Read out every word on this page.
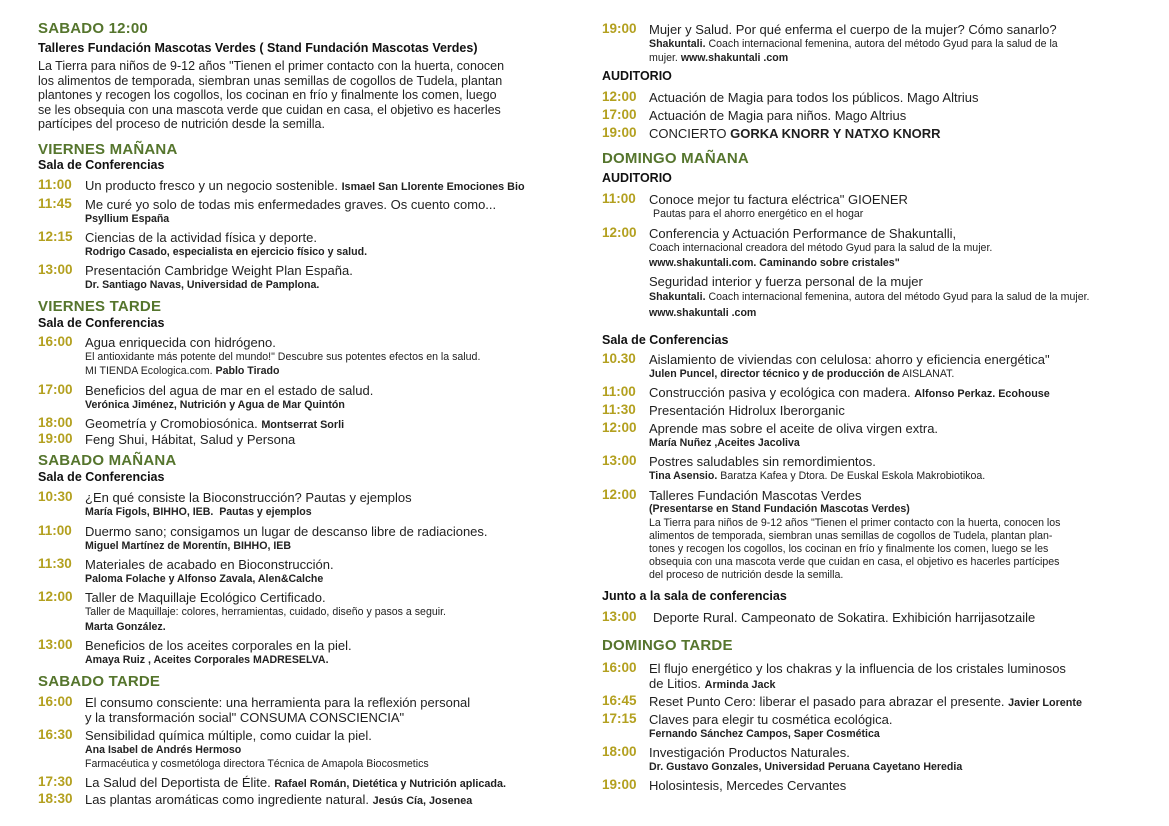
SABADO 12:00
Talleres Fundación Mascotas Verdes ( Stand Fundación Mascotas Verdes)
La Tierra para niños de 9-12 años "Tienen el primer contacto con la huerta, conocen
los alimentos de temporada, siembran unas semillas de cogollos de Tudela, plantan
plantones y recogen los cogollos, los cocinan en frío y finalmente los comen, luego
se les obsequia con una mascota verde que cuidan en casa, el objetivo es hacerles
partícipes del proceso de nutrición desde la semilla.
VIERNES MAÑANA
Sala de Conferencias
11:00 Un producto fresco y un negocio sostenible. Ismael San Llorente Emociones Bio
11:45 Me curé yo solo de todas mis enfermedades graves. Os cuento como...
Psyllium España
12:15 Ciencias de la actividad física y deporte.
Rodrigo Casado, especialista en ejercicio físico y salud.
13:00 Presentación Cambridge Weight Plan España.
Dr. Santiago Navas, Universidad de Pamplona.
VIERNES TARDE
Sala de Conferencias
16:00 Agua enriquecida con hidrógeno.
El antioxidante más potente del mundo!" Descubre sus potentes efectos en la salud.
MI TIENDA Ecologica.com. Pablo Tirado
17:00 Beneficios del agua de mar en el estado de salud.
Verónica Jiménez, Nutrición y Agua de Mar Quintón
18:00 Geometría y Cromobiosónica. Montserrat Sorli
19:00 Feng Shui, Hábitat, Salud y Persona
SABADO MAÑANA
Sala de Conferencias
10:30 ¿En qué consiste la Bioconstrucción? Pautas y ejemplos
María Figols, BIHHO, IEB. Pautas y ejemplos
11:00 Duermo sano; consigamos un lugar de descanso libre de radiaciones.
Miguel Martínez de Morentín, BIHHO, IEB
11:30 Materiales de acabado en Bioconstrucción.
Paloma Folache y Alfonso Zavala, Alen&Calche
12:00 Taller de Maquillaje Ecológico Certificado.
Taller de Maquillaje: colores, herramientas, cuidado, diseño y pasos a seguir.
Marta González.
13:00 Beneficios de los aceites corporales en la piel.
Amaya Ruiz , Aceites Corporales MADRESELVA.
SABADO TARDE
16:00 El consumo consciente: una herramienta para la reflexión personal
y la transformación social" CONSUMA CONSCIENCIA"
16:30 Sensibilidad química múltiple, como cuidar la piel.
Ana Isabel de Andrés Hermoso
Farmacéutica y cosmetóloga directora Técnica de Amapola Biocosmetics
17:30 La Salud del Deportista de Élite. Rafael Román, Dietética y Nutrición aplicada.
18:30 Las plantas aromáticas como ingrediente natural. Jesús Cía, Josenea
19:00 Mujer y Salud. Por qué enferma el cuerpo de la mujer? Cómo sanarlo?
Shakuntali. Coach internacional femenina, autora del método Gyud para la salud de la
mujer. www.shakuntali .com
AUDITORIO
12:00 Actuación de Magia para todos los públicos. Mago Altrius
17:00 Actuación de Magia para niños. Mago Altrius
19:00 CONCIERTO GORKA KNORR Y NATXO KNORR
DOMINGO MAÑANA
AUDITORIO
11:00 Conoce mejor tu factura eléctrica" GIOENER
Pautas para el ahorro energético en el hogar
12:00 Conferencia y Actuación Performance de Shakuntalli,
Coach internacional creadora del método Gyud para la salud de la mujer.
www.shakuntali.com. Caminando sobre cristales"
Seguridad interior y fuerza personal de la mujer
Shakuntali. Coach internacional femenina, autora del método Gyud para la salud de la mujer.
www.shakuntali .com
Sala de Conferencias
10.30 Aislamiento de viviendas con celulosa: ahorro y eficiencia energética"
Julen Puncel, director técnico y de producción de AISLANAT.
11:00 Construcción pasiva y ecológica con madera. Alfonso Perkaz. Ecohouse
11:30 Presentación Hidrolux Iberorganic
12:00 Aprende mas sobre el aceite de oliva virgen extra.
María Nuñez ,Aceites Jacoliva
13:00 Postres saludables sin remordimientos.
Tina Asensio. Baratza Kafea y Dtora. De Euskal Eskola Makrobiotikoa.
12:00 Talleres Fundación Mascotas Verdes
(Presentarse en Stand Fundación Mascotas Verdes)
La Tierra para niños de 9-12 años "Tienen el primer contacto con la huerta, conocen los
alimentos de temporada, siembran unas semillas de cogollos de Tudela, plantan plan-
tones y recogen los cogollos, los cocinan en frío y finalmente los comen, luego se les
obsequia con una mascota verde que cuidan en casa, el objetivo es hacerles partícipes
del proceso de nutrición desde la semilla.
Junto a la sala de conferencias
13:00 Deporte Rural. Campeonato de Sokatira. Exhibición harrijasotzaile
DOMINGO TARDE
16:00 El flujo energético y los chakras y la influencia de los cristales luminosos
de Litios. Arminda Jack
16:45 Reset Punto Cero: liberar el pasado para abrazar el presente. Javier Lorente
17:15 Claves para elegir tu cosmética ecológica.
Fernando Sánchez Campos, Saper Cosmética
18:00 Investigación Productos Naturales.
Dr. Gustavo Gonzales, Universidad Peruana Cayetano Heredia
19:00 Holosintesis, Mercedes Cervantes
